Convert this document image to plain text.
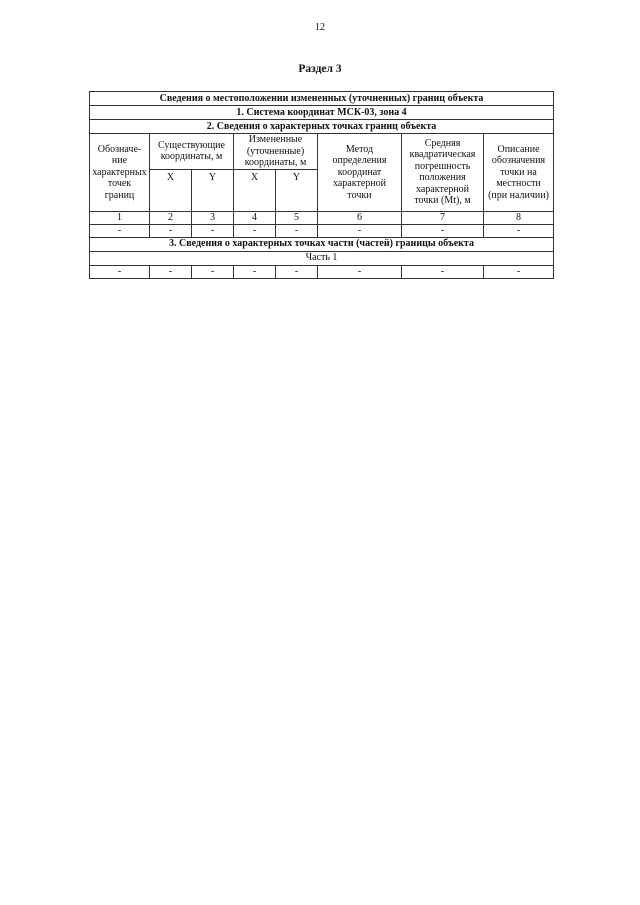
12
Раздел 3
Сведения о местоположении измененных (уточненных) границ объекта							
1. Система координат МСК-03, зона 4							
2. Сведения о характерных точках границ объекта							
Обозначение характерных точек границ	Существующие координаты, м		Измененные (уточненные) координаты, м		Метод определения координат характерной точки	Средняя квадратическая погрешность положения характерной точки (Mt), м	Описание обозначения точки на местности (при наличии)
	X	Y	X	Y			
1	2	3	4	5	6	7	8
-	-	-	-	-	-	-	-
3. Сведения о характерных точках части (частей) границы объекта							
Часть 1							
-	-	-	-	-	-	-	-
